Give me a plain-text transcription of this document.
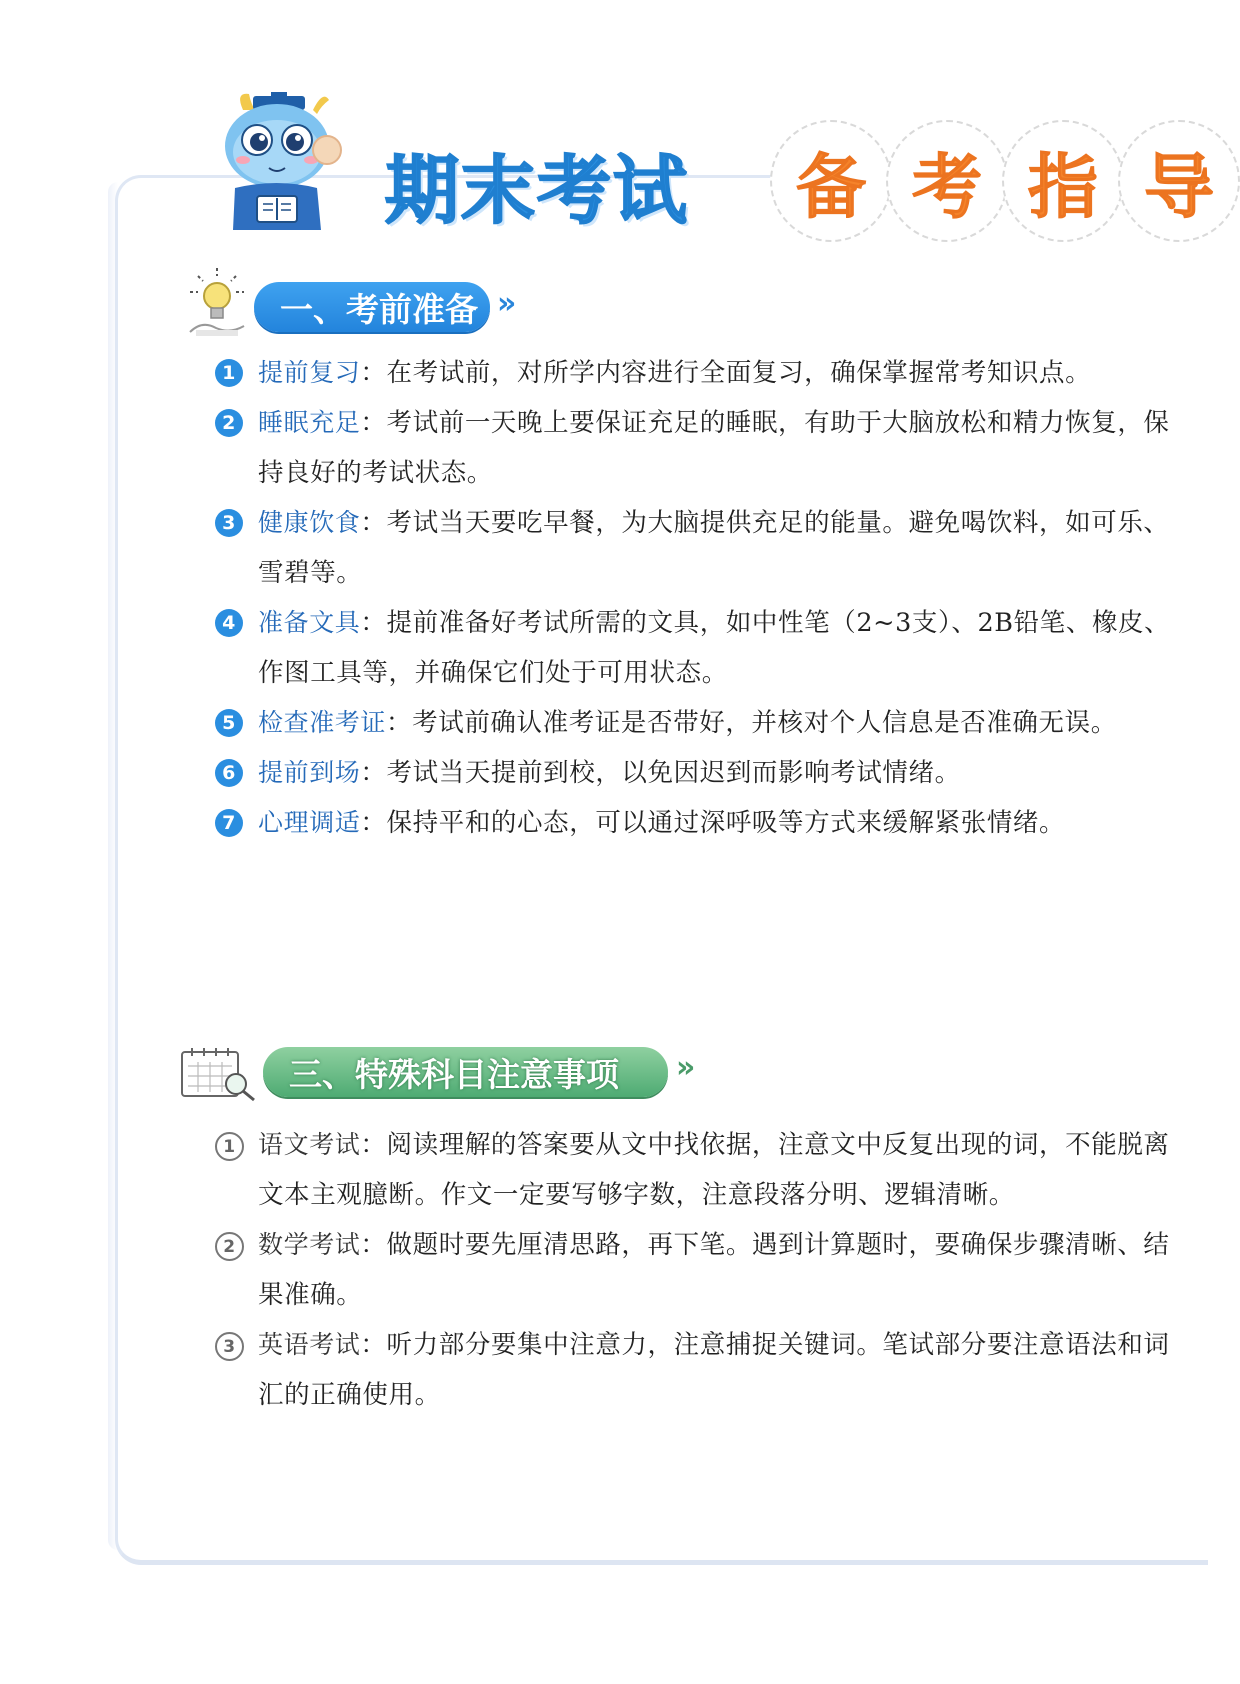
期末考试	备 考 指 导
一、考前准备 »
1 提前复习：在考试前，对所学内容进行全面复习，确保掌握常考知识点。
2 睡眠充足：考试前一天晚上要保证充足的睡眠，有助于大脑放松和精力恢复，保持良好的考试状态。
3 健康饮食：考试当天要吃早餐，为大脑提供充足的能量。避免喝饮料，如可乐、雪碧等。
4 准备文具：提前准备好考试所需的文具，如中性笔（2~3支）、2B铅笔、橡皮、作图工具等，并确保它们处于可用状态。
5 检查准考证：考试前确认准考证是否带好，并核对个人信息是否准确无误。
6 提前到场：考试当天提前到校，以免因迟到而影响考试情绪。
7 心理调适：保持平和的心态，可以通过深呼吸等方式来缓解紧张情绪。
三、特殊科目注意事项	»
1 语文考试：阅读理解的答案要从文中找依据，注意文中反复出现的词，不能脱离文本主观臆断。作文一定要写够字数，注意段落分明、逻辑清晰。
2 数学考试：做题时要先厘清思路，再下笔。遇到计算题时，要确保步骤清晰、结果准确。
3 英语考试：听力部分要集中注意力，注意捕捉关键词。笔试部分要注意语法和词汇的正确使用。
